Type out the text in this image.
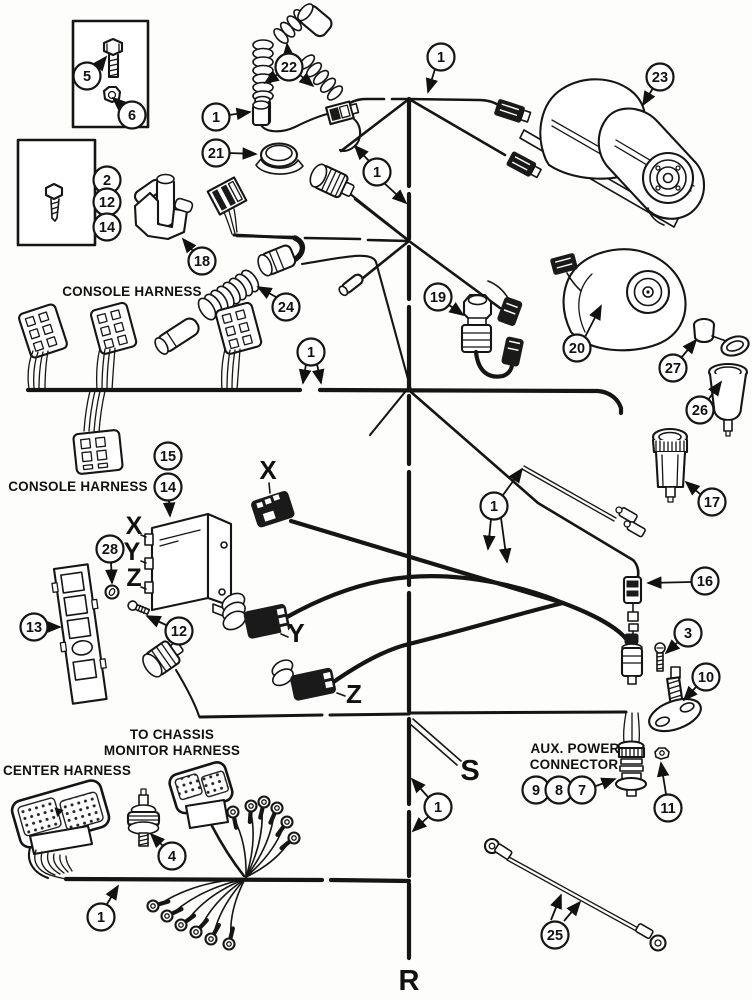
CONSOLE HARNESS
CONSOLE HARNESS
TO CHASSIS
MONITOR HARNESS
CENTER HARNESS
AUX. POWER
CONNECTOR
X
Y
Z
X
Y
Z
S
R
5
6
2
12
14
22
1
21
1
23
1
18
24
19
20
27
26
17
1
15
14
28
13	12
1
16
3
10
1
9 8 7
11
4
1
25
